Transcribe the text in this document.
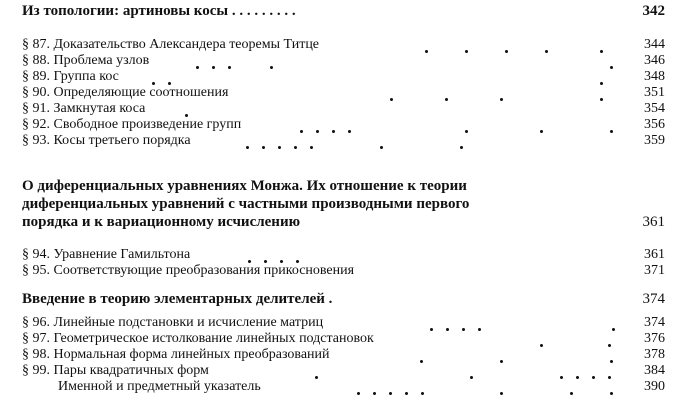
Из топологии: артиновы косы . . . . . . . . .	342
§ 87. Доказательство Александера теоремы Титце	344
§ 88. Проблема узлов	346
§ 89. Группа кос	348
§ 90. Определяющие соотношения	351
§ 91. Замкнутая коса	354
§ 92. Свободное произведение групп	356
§ 93. Косы третьего порядка	359
О диференциальных уравнениях Монжа. Их отношение к теории
диференциальных уравнений с частными производными первого
порядка и к вариационному исчислению	361
§ 94. Уравнение Гамильтона	361
§ 95. Соответствующие преобразования прикосновения	371
Введение в теорию элементарных делителей .	374
§ 96. Линейные подстановки и исчисление матриц	374
§ 97. Геометрическое истолкование линейных подстановок	376
§ 98. Нормальная форма линейных преобразований	378
§ 99. Пары квадратичных форм	384
Именной и предметный указатель	390
